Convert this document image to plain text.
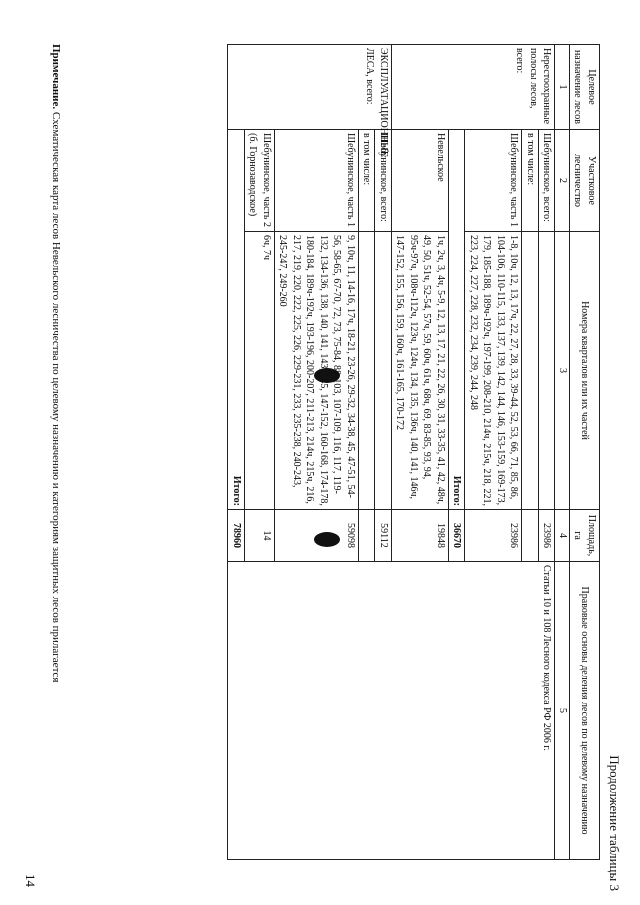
Продолжение таблицы 3
Целевое назначение лесов	Участковое лесничество	Номера кварталов или их частей	Площадь, га	Правовые основы деления лесов по целевому назначению
1	2	3	4	5
Нерестоохранные полосы лесов, всего:	Шебунинское, всего:		23986	Статьи 10 и 108 Лесного кодекса РФ 2006 г.
	в том числе:			
	Шебунинское, часть 1	1-8, 10ч, 12, 13, 17ч, 22, 27, 28, 33, 39-44, 52, 53, 66, 71, 85, 86, 104-106, 110-115, 133, 137, 139, 142, 144, 146, 153-159, 169-173, 179, 185-188, 189ч-192ч, 197-199, 208-210, 214ч, 215ч, 218, 221, 223, 224, 227, 228, 232, 234, 239, 244, 248	23986	
	Итого:		36670	
	Невельское	1ч, 2ч, 3, 4ч, 5-9, 12, 13, 17, 21, 22, 26, 30, 31, 33-35, 41, 42, 48ч, 49, 50, 51ч, 52-54, 57ч, 59, 60ч, 61ч, 68ч, 69, 83-85, 93, 94, 95ч-97ч, 108ч-112ч, 123ч, 124ч, 134, 135, 136ч, 140, 141, 146ч, 147-152, 155, 156, 159, 160ч, 161-165, 170-172	19848	
ЭКСПЛУАТАЦИОННЫЕ ЛЕСА, всего:	Шебунинское, всего:		59112	
	в том числе:			
	Шебунинское, часть 1	9, 10ч, 11, 14-16, 17ч, 18-21, 23-26, 29-32, 34-38, 45, 47-51, 54-56, 58-65, 67-70, 72, 73, 75-84, 88-103, 107-109, 116, 117, 119-132, 134-136, 138, 140, 141, 143, 145, 147-152, 160-168, 174-178, 180-184, 189ч-192ч, 193-196, 200-207, 211-213, 214ч, 215ч, 216, 217, 219, 220, 222, 225, 226, 229-231, 233, 235-238, 240-243, 245-247, 249-260	59098	
	Шебунинское, часть 2 (б. Горнозаводское)	6ч, 7ч	14	
	Итого:		78960	
Примечание. Схематическая карта лесов Невельского лесничества по целевому назначению и категориям защитных лесов прилагается
14
